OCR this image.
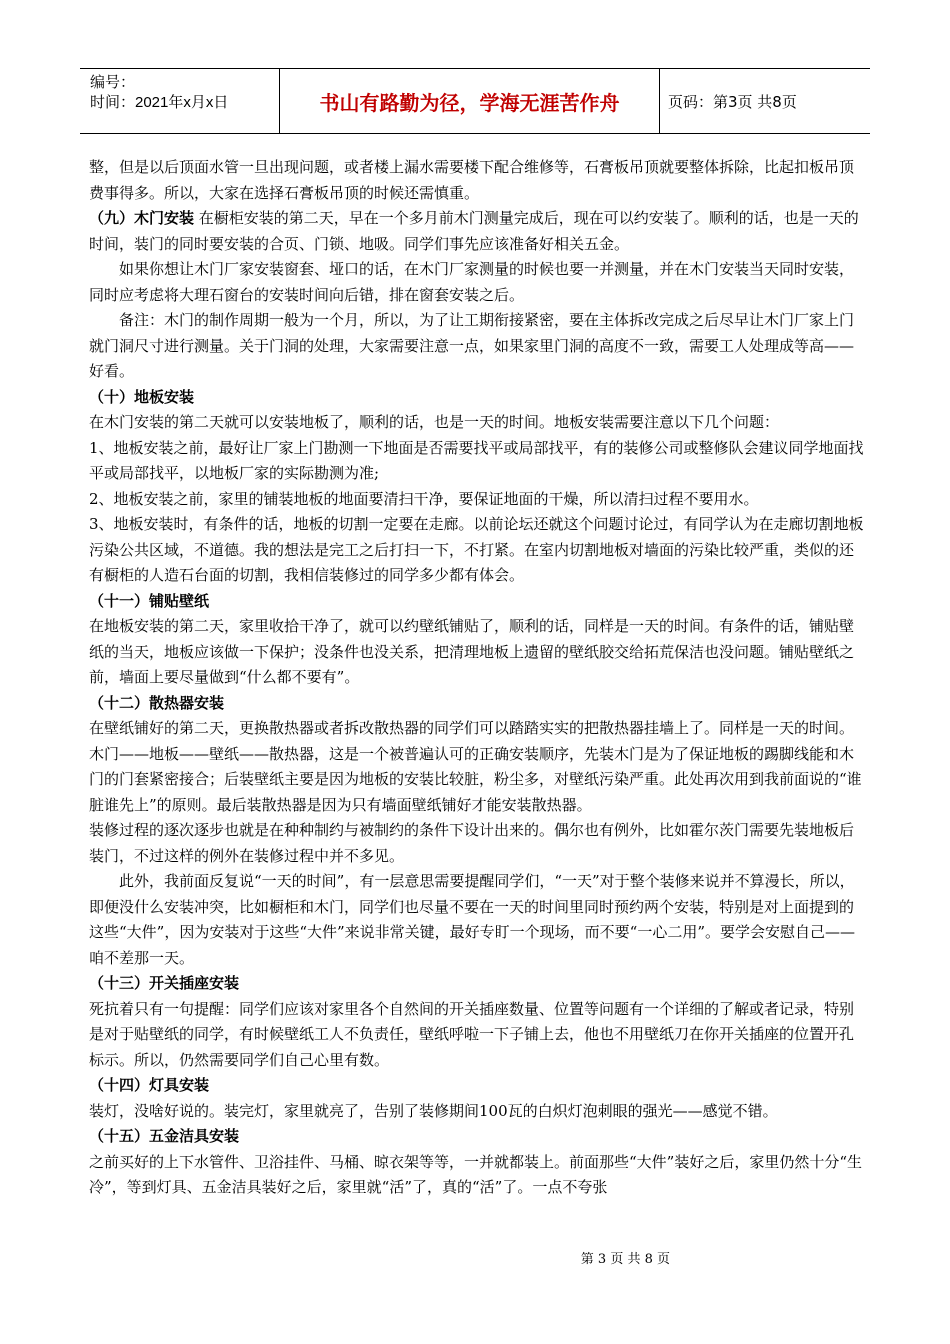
编号：
时间：2021年x月x日	书山有路勤为径，学海无涯苦作舟	页码：第3页 共8页

整，但是以后顶面水管一旦出现问题，或者楼上漏水需要楼下配合维修等，石膏板吊顶就要整体拆除，比起扣板吊顶费事得多。所以，大家在选择石膏板吊顶的时候还需慎重。

（九）木门安装 在橱柜安装的第二天，早在一个多月前木门测量完成后，现在可以约安装了。顺利的话，也是一天的时间，装门的同时要安装的合页、门锁、地吸。同学们事先应该准备好相关五金。

如果你想让木门厂家安装窗套、垭口的话，在木门厂家测量的时候也要一并测量，并在木门安装当天同时安装，同时应考虑将大理石窗台的安装时间向后错，排在窗套安装之后。

备注：木门的制作周期一般为一个月，所以，为了让工期衔接紧密，要在主体拆改完成之后尽早让木门厂家上门就门洞尺寸进行测量。关于门洞的处理，大家需要注意一点，如果家里门洞的高度不一致，需要工人处理成等高——好看。

（十）地板安装

在木门安装的第二天就可以安装地板了，顺利的话，也是一天的时间。地板安装需要注意以下几个问题：

1、地板安装之前，最好让厂家上门勘测一下地面是否需要找平或局部找平，有的装修公司或整修队会建议同学地面找平或局部找平，以地板厂家的实际勘测为准;

2、地板安装之前，家里的铺装地板的地面要清扫干净，要保证地面的干燥，所以清扫过程不要用水。

3、地板安装时，有条件的话，地板的切割一定要在走廊。以前论坛还就这个问题讨论过，有同学认为在走廊切割地板污染公共区域，不道德。我的想法是完工之后打扫一下，不打紧。在室内切割地板对墙面的污染比较严重，类似的还有橱柜的人造石台面的切割，我相信装修过的同学多少都有体会。

（十一）铺贴壁纸

在地板安装的第二天，家里收拾干净了，就可以约壁纸铺贴了，顺利的话，同样是一天的时间。有条件的话，铺贴壁纸的当天，地板应该做一下保护；没条件也没关系，把清理地板上遗留的壁纸胶交给拓荒保洁也没问题。铺贴壁纸之前，墙面上要尽量做到“什么都不要有”。

（十二）散热器安装

在壁纸铺好的第二天，更换散热器或者拆改散热器的同学们可以踏踏实实的把散热器挂墙上了。同样是一天的时间。

木门——地板——壁纸——散热器，这是一个被普遍认可的正确安装顺序，先装木门是为了保证地板的踢脚线能和木门的门套紧密接合；后装壁纸主要是因为地板的安装比较脏，粉尘多，对壁纸污染严重。此处再次用到我前面说的“谁脏谁先上”的原则。最后装散热器是因为只有墙面壁纸铺好才能安装散热器。

装修过程的逐次逐步也就是在种种制约与被制约的条件下设计出来的。偶尔也有例外，比如霍尔茨门需要先装地板后装门，不过这样的例外在装修过程中并不多见。

此外，我前面反复说“一天的时间”，有一层意思需要提醒同学们，“一天”对于整个装修来说并不算漫长，所以，即便没什么安装冲突，比如橱柜和木门，同学们也尽量不要在一天的时间里同时预约两个安装，特别是对上面提到的这些“大件”，因为安装对于这些“大件”来说非常关键，最好专盯一个现场，而不要“一心二用”。要学会安慰自己——咱不差那一天。

（十三）开关插座安装

死抗着只有一句提醒：同学们应该对家里各个自然间的开关插座数量、位置等问题有一个详细的了解或者记录，特别是对于贴壁纸的同学，有时候壁纸工人不负责任，壁纸呼啦一下子铺上去，他也不用壁纸刀在你开关插座的位置开孔标示。所以，仍然需要同学们自己心里有数。

（十四）灯具安装

装灯，没啥好说的。装完灯，家里就亮了，告别了装修期间100瓦的白炽灯泡刺眼的强光——感觉不错。

（十五）五金洁具安装

之前买好的上下水管件、卫浴挂件、马桶、晾衣架等等，一并就都装上。前面那些“大件”装好之后，家里仍然十分“生冷”，等到灯具、五金洁具装好之后，家里就“活”了，真的“活”了。一点不夸张

第 3 页 共 8 页
